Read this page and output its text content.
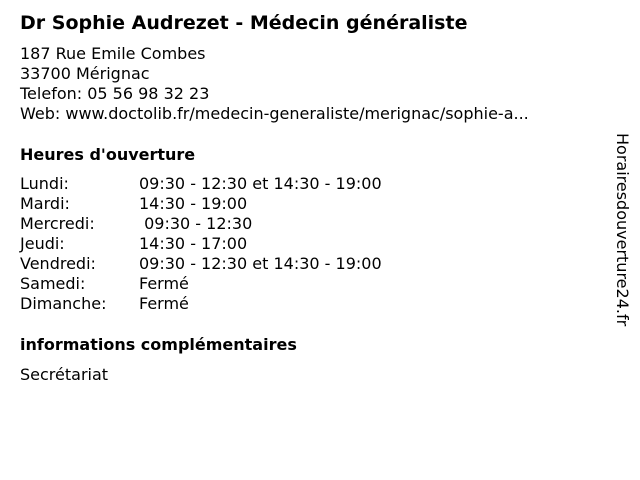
Dr Sophie Audrezet - Médecin généraliste
187 Rue Emile Combes
33700 Mérignac
Telefon: 05 56 98 32 23
Web: www.doctolib.fr/medecin-generaliste/merignac/sophie-a...
Heures d'ouverture
Lundi:	09:30 - 12:30 et 14:30 - 19:00
Mardi:	14:30 - 19:00
Mercredi:	09:30 - 12:30
Jeudi:	14:30 - 17:00
Vendredi:	09:30 - 12:30 et 14:30 - 19:00
Samedi:	Fermé
Dimanche:	Fermé
informations complémentaires
Secrétariat
Horairesdouverture24.fr
